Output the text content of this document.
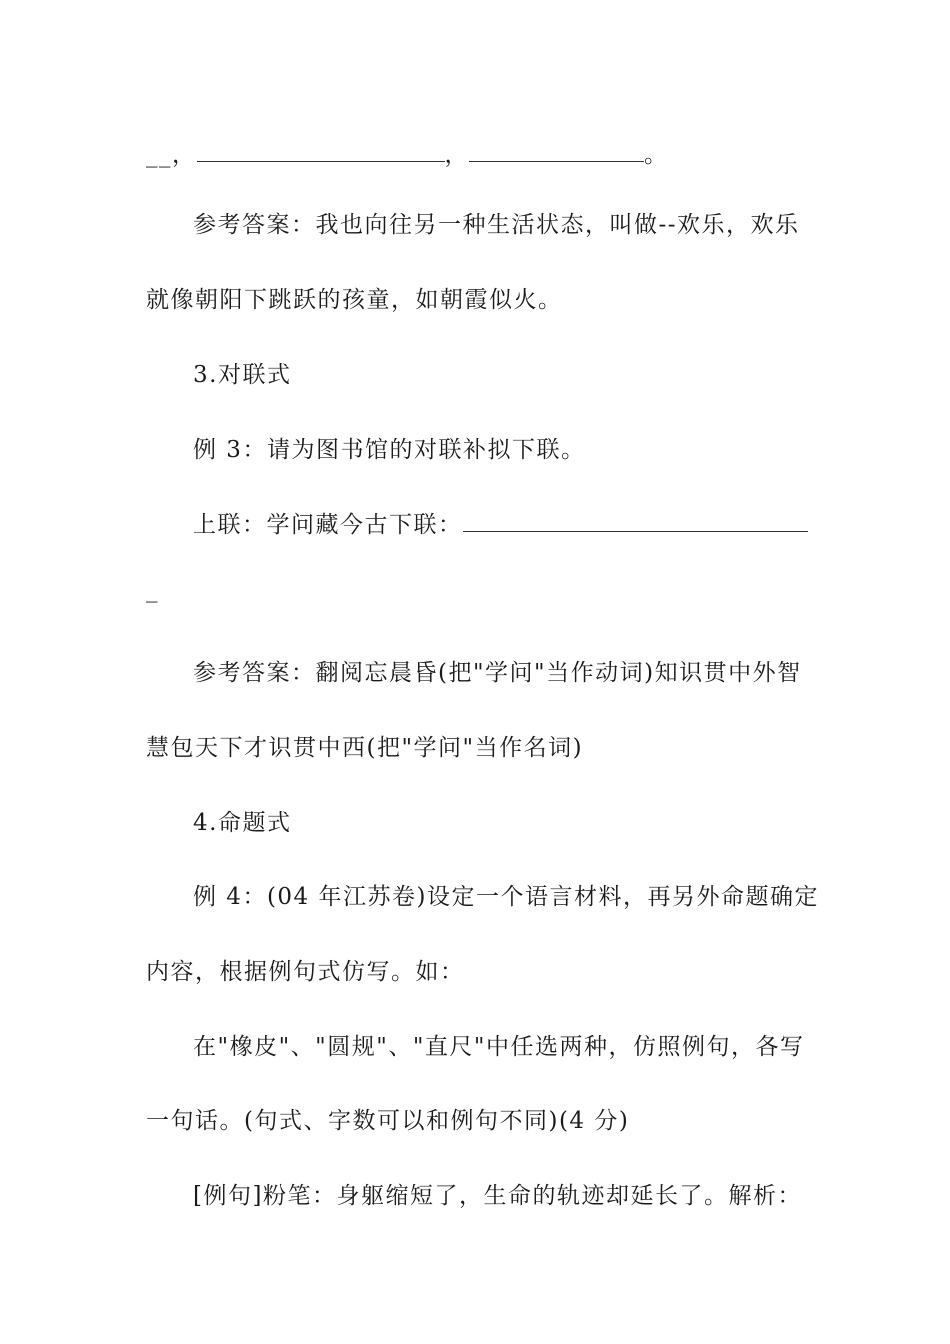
__，	，	。
参考答案：我也向往另一种生活状态，叫做--欢乐，欢乐
就像朝阳下跳跃的孩童，如朝霞似火。
3.对联式
例 3：请为图书馆的对联补拟下联。
上联：学问藏今古下联：
_
参考答案：翻阅忘晨昏(把"学问"当作动词)知识贯中外智
慧包天下才识贯中西(把"学问"当作名词)
4.命题式
例 4：(04 年江苏卷)设定一个语言材料，再另外命题确定
内容，根据例句式仿写。如：
在"橡皮"、"圆规"、"直尺"中任选两种，仿照例句，各写
一句话。(句式、字数可以和例句不同)(4 分)
[例句]粉笔：身躯缩短了，生命的轨迹却延长了。解析：
